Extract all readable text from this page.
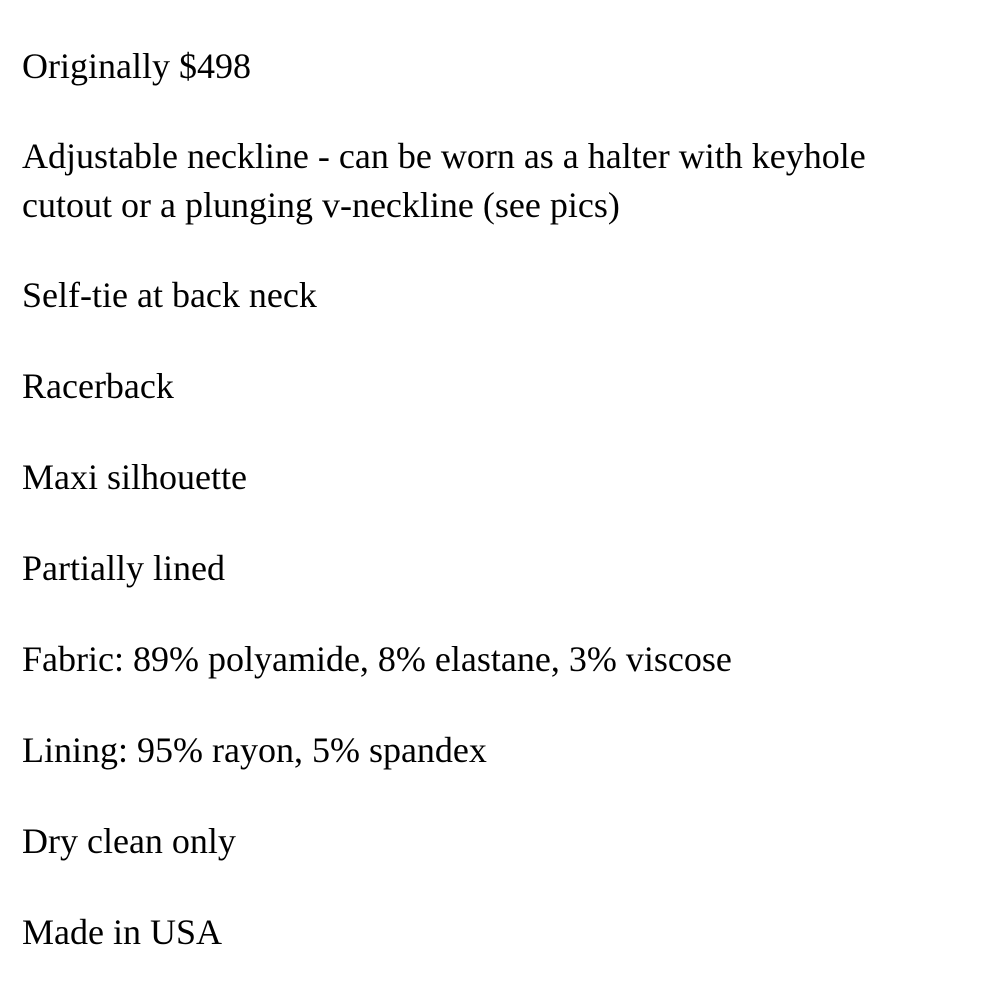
Originally $498

Adjustable neckline - can be worn as a halter with keyhole

cutout or a plunging v-neckline (see pics)

Self-tie at back neck

Racerback

Maxi silhouette

Partially lined

Fabric: 89% polyamide, 8% elastane, 3% viscose

Lining: 95% rayon, 5% spandex

Dry clean only

Made in USA
